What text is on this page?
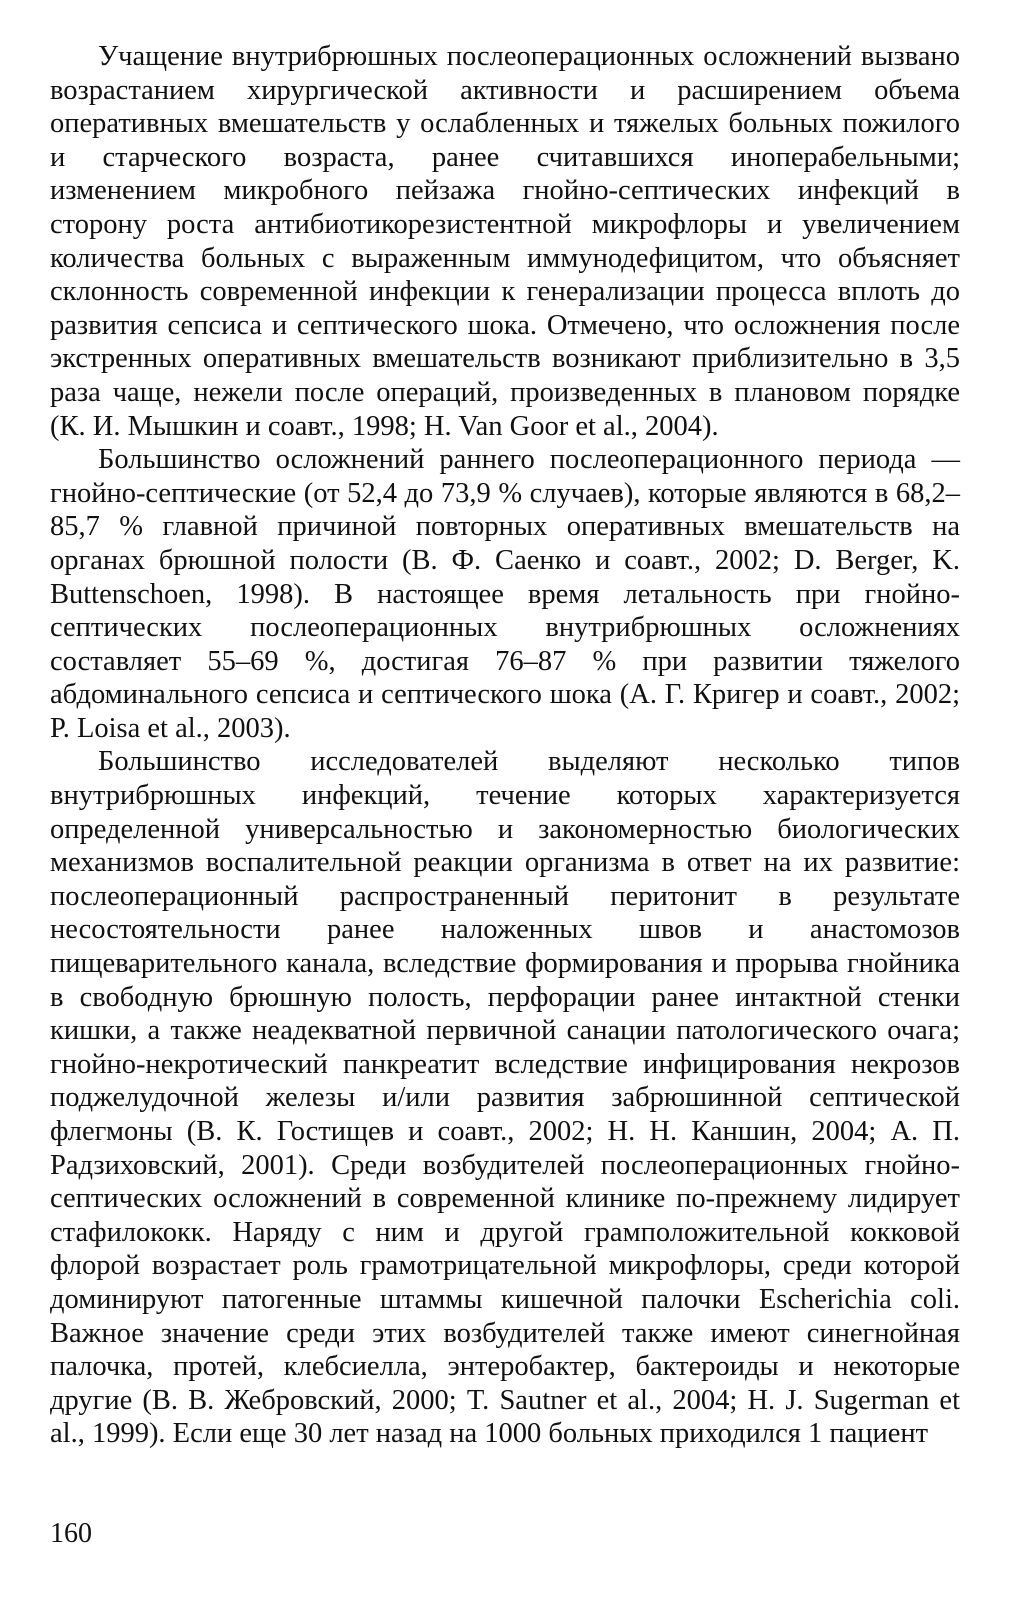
Учащение внутрибрюшных послеоперационных осложнений вызвано возрастанием хирургической активности и расширением объема оперативных вмешательств у ослабленных и тяжелых больных пожилого и старческого возраста, ранее считавшихся иноперабельными; изменением микробного пейзажа гнойно-септических инфекций в сторону роста антибиотикорезистентной микрофлоры и увеличением количества больных с выраженным иммунодефицитом, что объясняет склонность современной инфекции к генерализации процесса вплоть до развития сепсиса и септического шока. Отмечено, что осложнения после экстренных оперативных вмешательств возникают приблизительно в 3,5 раза чаще, нежели после операций, произведенных в плановом порядке (К. И. Мышкин и соавт., 1998; H. Van Goor et al., 2004).

Большинство осложнений раннего послеоперационного периода — гнойно-септические (от 52,4 до 73,9 % случаев), которые являются в 68,2–85,7 % главной причиной повторных оперативных вмешательств на органах брюшной полости (В. Ф. Саенко и соавт., 2002; D. Berger, K. Buttenschoen, 1998). В настоящее время летальность при гнойно-септических послеоперационных внутрибрюшных осложнениях составляет 55–69 %, достигая 76–87 % при развитии тяжелого абдоминального сепсиса и септического шока (А. Г. Кригер и соавт., 2002; P. Loisa et al., 2003).

Большинство исследователей выделяют несколько типов внутрибрюшных инфекций, течение которых характеризуется определенной универсальностью и закономерностью биологических механизмов воспалительной реакции организма в ответ на их развитие: послеоперационный распространенный перитонит в результате несостоятельности ранее наложенных швов и анастомозов пищеварительного канала, вследствие формирования и прорыва гнойника в свободную брюшную полость, перфорации ранее интактной стенки кишки, а также неадекватной первичной санации патологического очага; гнойно-некротический панкреатит вследствие инфицирования некрозов поджелудочной железы и/или развития забрюшинной септической флегмоны (В. К. Гостищев и соавт., 2002; Н. Н. Каншин, 2004; А. П. Радзиховский, 2001). Среди возбудителей послеоперационных гнойно-септических осложнений в современной клинике по-прежнему лидирует стафилококк. Наряду с ним и другой грамположительной кокковой флорой возрастает роль грамотрицательной микрофлоры, среди которой доминируют патогенные штаммы кишечной палочки Escherichia coli. Важное значение среди этих возбудителей также имеют синегнойная палочка, протей, клебсиелла, энтеробактер, бактероиды и некоторые другие (В. В. Жебровский, 2000; T. Sautner et al., 2004; H. J. Sugerman et al., 1999). Если еще 30 лет назад на 1000 больных приходился 1 пациент

160
